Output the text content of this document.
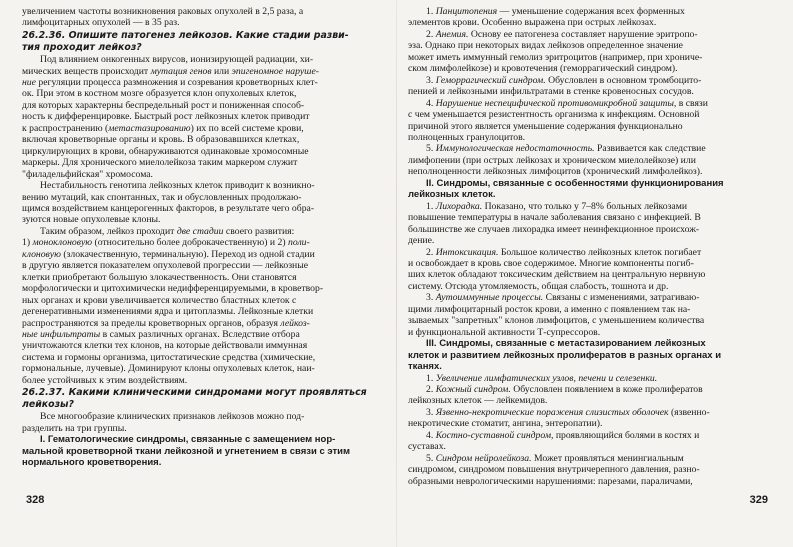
увеличением частоты возникновения раковых опухолей в 2,5 раза, а
лимфоцитарных опухолей — в 35 раз.

26.2.36. Опишите патогенез лейкозов. Какие стадии разви-
тия проходит лейкоз?

Под влиянием онкогенных вирусов, ионизирующей радиации, хи-
мических веществ происходит мутация генов или эпигеномное наруше-
ние регуляции процесса размножения и созревания кроветворных клет-
ок. При этом в костном мозге образуется клон опухолевых клеток,
для которых характерны беспредельный рост и пониженная способ-
ность к дифференцировке. Быстрый рост лейкозных клеток приводит
к распространению (метастазированию) их по всей системе крови,
включая кроветворные органы и кровь. В образовавшихся клетках,
циркулирующих в крови, обнаруживаются одинаковые хромосомные
маркеры. Для хронического миелолейкоза таким маркером служит
"филадельфийская" хромосома.

Нестабильность генотипа лейкозных клеток приводит к возникно-
вению мутаций, как спонтанных, так и обусловленных продолжаю-
щимся воздействием канцерогенных факторов, в результате чего обра-
зуются новые опухолевые клоны.

Таким образом, лейкоз проходит две стадии своего развития:
1) моноклоновую (относительно более доброкачественную) и 2) поли-
клоновую (злокачественную, терминальную). Переход из одной стадии
в другую является показателем опухолевой прогрессии — лейкозные
клетки приобретают большую злокачественность. Они становятся
морфологически и цитохимически недифференцируемыми, в кроветвор-
ных органах и крови увеличивается количество бластных клеток с
дегенеративными изменениями ядра и цитоплазмы. Лейкозные клетки
распространяются за пределы кроветворных органов, образуя лейкоз-
ные инфильтраты в самых различных органах. Вследствие отбора
уничтожаются клетки тех клонов, на которые действовали иммунная
система и гормоны организма, цитостатические средства (химические,
гормональные, лучевые). Доминируют клоны опухолевых клеток, наи-
более устойчивых к этим воздействиям.

26.2.37. Какими клиническими синдромами могут проявляться
лейкозы?

Все многообразие клинических признаков лейкозов можно под-
разделить на три группы.

I. Гематологические синдромы, связанные с замещением нор-
мальной кроветворной ткани лейкозной и угнетением в связи с этим
нормального кроветворения.

328

1. Панцитопения — уменьшение содержания всех форменных
элементов крови. Особенно выражена при острых лейкозах.

2. Анемия. Основу ее патогенеза составляет нарушение эритропо-
эза. Однако при некоторых видах лейкозов определенное значение
может иметь иммунный гемолиз эритроцитов (например, при хрониче-
ском лимфолейкозе) и кровотечения (геморрагический синдром).

3. Геморрагический синдром. Обусловлен в основном тромбоцито-
пенией и лейкозными инфильтратами в стенке кровеносных сосудов.

4. Нарушение неспецифической противомикробной защиты, в связи
с чем уменьшается резистентность организма к инфекциям. Основной
причиной этого является уменьшение содержания функционально
полноценных гранулоцитов.

5. Иммунологическая недостаточность. Развивается как следствие
лимфопении (при острых лейкозах и хроническом миелолейкозе) или
неполноценности лейкозных лимфоцитов (хронический лимфолейкоз).

II. Синдромы, связанные с особенностями функционирования
лейкозных клеток.

1. Лихорадка. Показано, что только у 7–8% больных лейкозами
повышение температуры в начале заболевания связано с инфекцией. В
большинстве же случаев лихорадка имеет неинфекционное происхож-
дение.

2. Интоксикация. Большое количество лейкозных клеток погибает
и освобождает в кровь свое содержимое. Многие компоненты погиб-
ших клеток обладают токсическим действием на центральную нервную
систему. Отсюда утомляемость, общая слабость, тошнота и др.

3. Аутоиммунные процессы. Связаны с изменениями, затрагиваю-
щими лимфоцитарный росток крови, а именно с появлением так на-
зываемых "запретных" клонов лимфоцитов, с уменьшением количества
и функциональной активности Т-супрессоров.

III. Синдромы, связанные с метастазированием лейкозных
клеток и развитием лейкозных пролифератов в разных органах и
тканях.

1. Увеличение лимфатических узлов, печени и селезенки.

2. Кожный синдром. Обусловлен появлением в коже пролифератов
лейкозных клеток — лейкемидов.

3. Язвенно-некротические поражения слизистых оболочек (язвенно-
некротические стоматит, ангина, энтеропатии).

4. Костно-суставной синдром, проявляющийся болями в костях и
суставах.

5. Синдром нейролейкоза. Может проявляться менингиальным
синдромом, синдромом повышения внутричерепного давления, разно-
образными неврологическими нарушениями: парезами, параличами,

329
